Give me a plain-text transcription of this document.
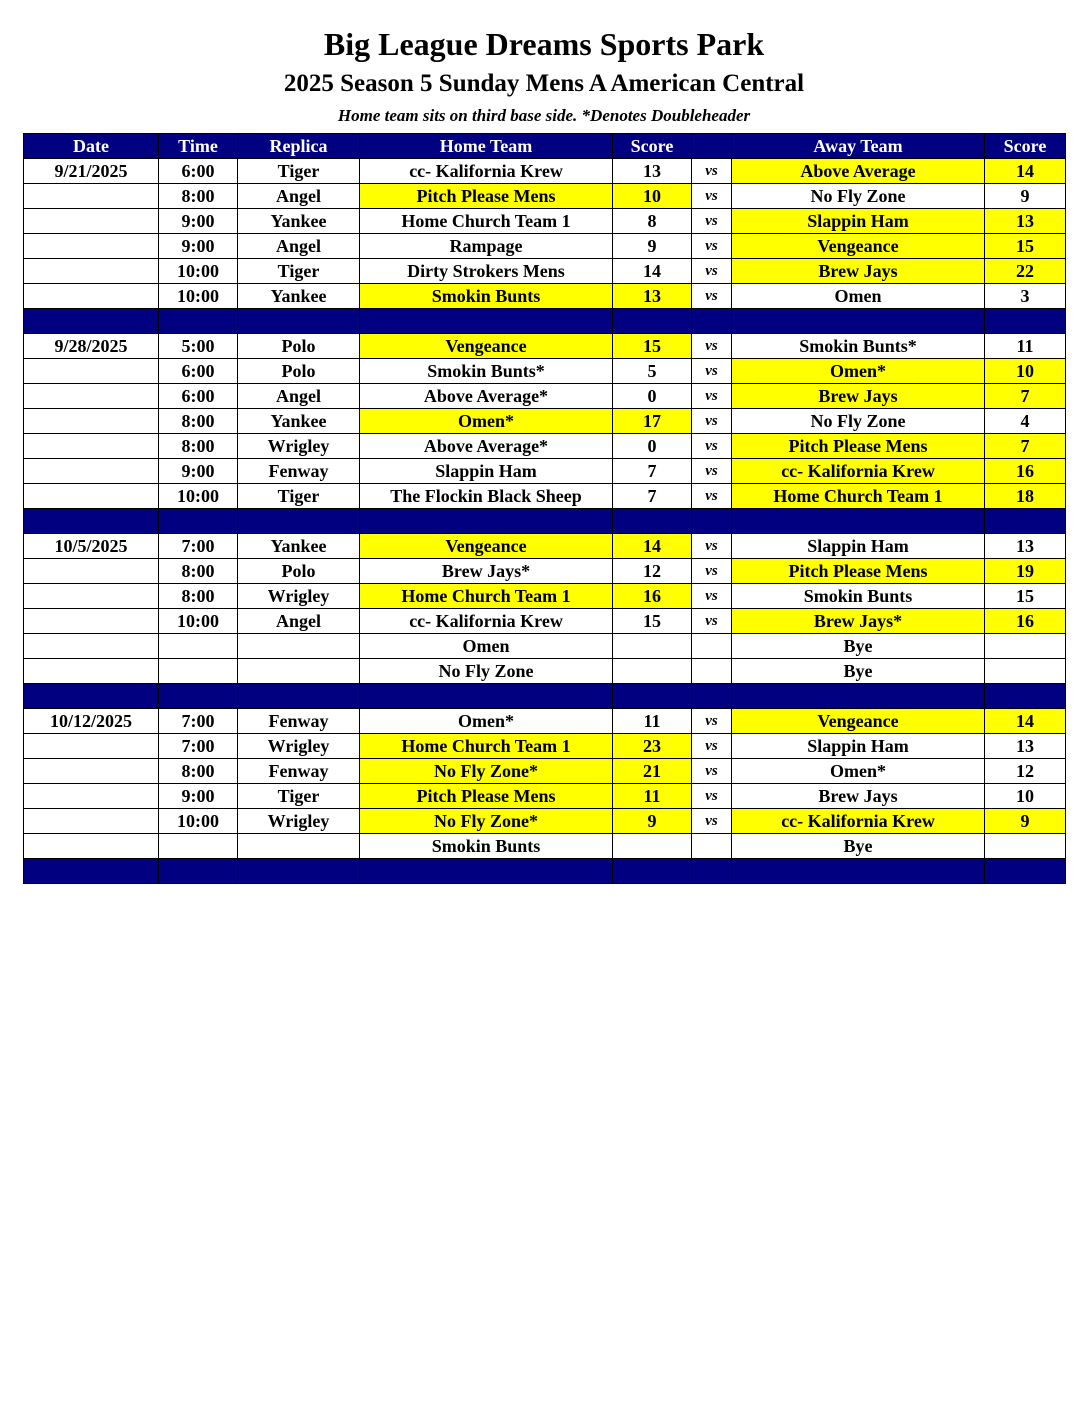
Big League Dreams Sports Park
2025 Season 5 Sunday Mens A American Central
Home team sits on third base side. *Denotes Doubleheader
Date	Time	Replica	Home Team	Score		Away Team	Score
9/21/2025	6:00	Tiger	cc- Kalifornia Krew	13	vs	Above Average	14
	8:00	Angel	Pitch Please Mens	10	vs	No Fly Zone	9
	9:00	Yankee	Home Church Team 1	8	vs	Slappin Ham	13
	9:00	Angel	Rampage	9	vs	Vengeance	15
	10:00	Tiger	Dirty Strokers Mens	14	vs	Brew Jays	22
	10:00	Yankee	Smokin Bunts	13	vs	Omen	3

9/28/2025	5:00	Polo	Vengeance	15	vs	Smokin Bunts*	11
	6:00	Polo	Smokin Bunts*	5	vs	Omen*	10
	6:00	Angel	Above Average*	0	vs	Brew Jays	7
	8:00	Yankee	Omen*	17	vs	No Fly Zone	4
	8:00	Wrigley	Above Average*	0	vs	Pitch Please Mens	7
	9:00	Fenway	Slappin Ham	7	vs	cc- Kalifornia Krew	16
	10:00	Tiger	The Flockin Black Sheep	7	vs	Home Church Team 1	18

10/5/2025	7:00	Yankee	Vengeance	14	vs	Slappin Ham	13
	8:00	Polo	Brew Jays*	12	vs	Pitch Please Mens	19
	8:00	Wrigley	Home Church Team 1	16	vs	Smokin Bunts	15
	10:00	Angel	cc- Kalifornia Krew	15	vs	Brew Jays*	16
			Omen			Bye	
			No Fly Zone			Bye	

10/12/2025	7:00	Fenway	Omen*	11	vs	Vengeance	14
	7:00	Wrigley	Home Church Team 1	23	vs	Slappin Ham	13
	8:00	Fenway	No Fly Zone*	21	vs	Omen*	12
	9:00	Tiger	Pitch Please Mens	11	vs	Brew Jays	10
	10:00	Wrigley	No Fly Zone*	9	vs	cc- Kalifornia Krew	9
			Smokin Bunts			Bye	
